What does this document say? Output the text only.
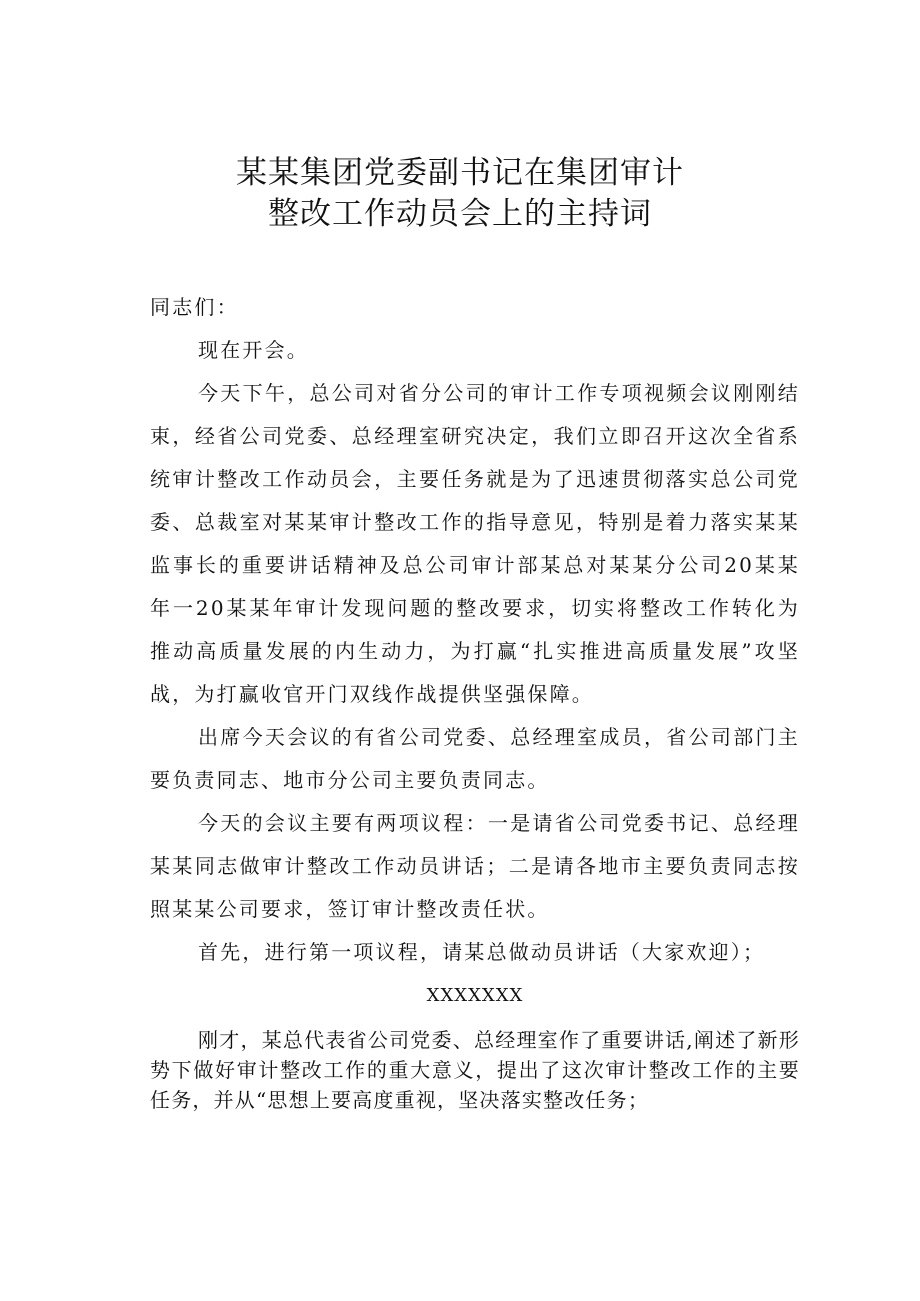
某某集团党委副书记在集团审计
整改工作动员会上的主持词

同志们：

现在开会。

今天下午，总公司对省分公司的审计工作专项视频会议刚刚结束，经省公司党委、总经理室研究决定，我们立即召开这次全省系统审计整改工作动员会，主要任务就是为了迅速贯彻落实总公司党委、总裁室对某某审计整改工作的指导意见，特别是着力落实某某监事长的重要讲话精神及总公司审计部某总对某某分公司20某某年一20某某年审计发现问题的整改要求，切实将整改工作转化为推动高质量发展的内生动力，为打赢“扎实推进高质量发展”攻坚战，为打赢收官开门双线作战提供坚强保障。

出席今天会议的有省公司党委、总经理室成员，省公司部门主要负责同志、地市分公司主要负责同志。

今天的会议主要有两项议程：一是请省公司党委书记、总经理某某同志做审计整改工作动员讲话；二是请各地市主要负责同志按照某某公司要求，签订审计整改责任状。

首先，进行第一项议程，请某总做动员讲话（大家欢迎）；

XXXXXXX

刚才，某总代表省公司党委、总经理室作了重要讲话,阐述了新形势下做好审计整改工作的重大意义，提出了这次审计整改工作的主要任务，并从“思想上要高度重视，坚决落实整改任务；
